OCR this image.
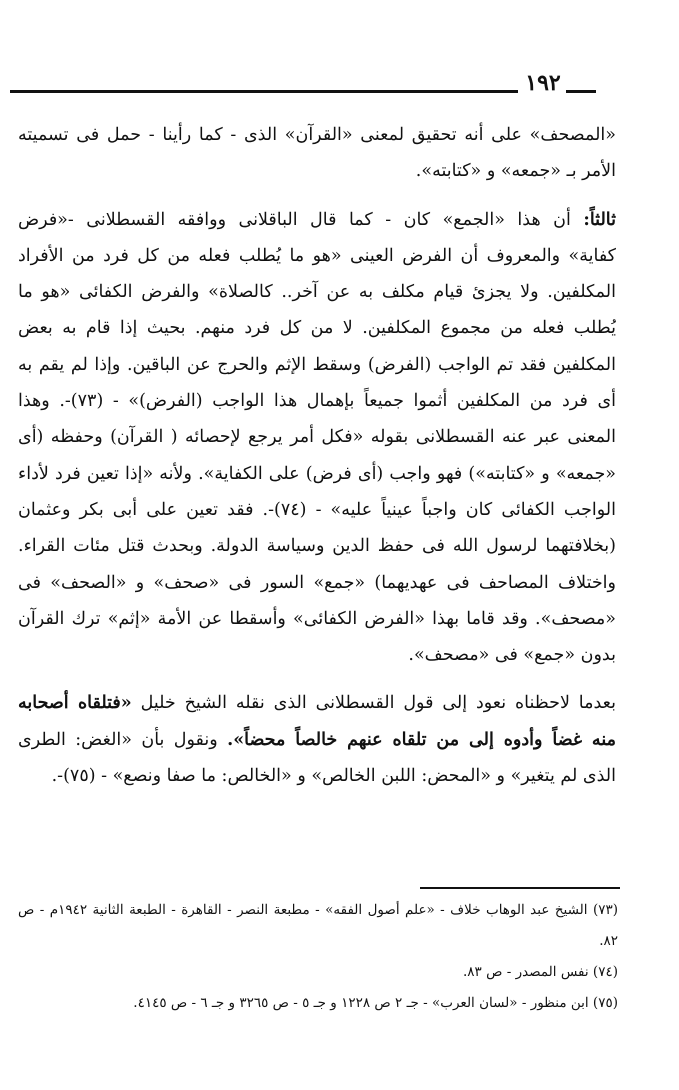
١٩٢
«المصحف» على أنه تحقيق لمعنى «القرآن» الذى - كما رأينا - حمل فى تسميته
الأمر بـ «جمعه» و «كتابته».
ثالثاً: أن هذا «الجمع» كان - كما قال الباقلانى ووافقه القسطلانى -«فرض
كفاية» والمعروف أن الفرض العينى «هو ما يُطلب فعله من كل فرد من الأفراد
المكلفين. ولا يجزئ قيام مكلف به عن آخر.. كالصلاة» والفرض الكفائى «هو ما
يُطلب فعله من مجموع المكلفين. لا من كل فرد منهم. بحيث إذا قام به بعض
المكلفين فقد تم الواجب (الفرض) وسقط الإثم والحرج عن الباقين. وإذا لم يقم به
أى فرد من المكلفين أثموا جميعاً بإهمال هذا الواجب (الفرض)» - (٧٣)-. وهذا
المعنى عبر عنه القسطلانى بقوله «فكل أمر يرجع لإحصائه ( القرآن) وحفظه (أى
«جمعه» و «كتابته») فهو واجب (أى فرض) على الكفاية». ولأنه «إذا تعين فرد لأداء
الواجب الكفائى كان واجباً عينياً عليه» - (٧٤)-. فقد تعين على أبى بكر وعثمان
(بخلافتهما لرسول الله فى حفظ الدين وسياسة الدولة. وبحدث قتل مئات القراء.
واختلاف المصاحف فى عهديهما) «جمع» السور فى «صحف» و «الصحف» فى
«مصحف». وقد قاما بهذا «الفرض الكفائى» وأسقطا عن الأمة «إثم» ترك القرآن
بدون «جمع» فى «مصحف».
بعدما لاحظناه نعود إلى قول القسطلانى الذى نقله الشيخ خليل «فتلقاه أصحابه
منه غضاً وأدوه إلى من تلقاه عنهم خالصاً محضاً». ونقول بأن «الغض: الطرى
الذى لم يتغير» و «المحض: اللبن الخالص» و «الخالص: ما صفا ونصع» - (٧٥)-.
(٧٣) الشيخ عبد الوهاب خلاف - «علم أصول الفقه» - مطبعة النصر - القاهرة - الطبعة الثانية ١٩٤٢م - ص
٨٢.
(٧٤) نفس المصدر - ص ٨٣.
(٧٥) ابن منظور - «لسان العرب» - جـ ٢ ص ١٢٢٨ و جـ ٥ - ص ٣٢٦٥ و جـ ٦ - ص ٤١٤٥.
